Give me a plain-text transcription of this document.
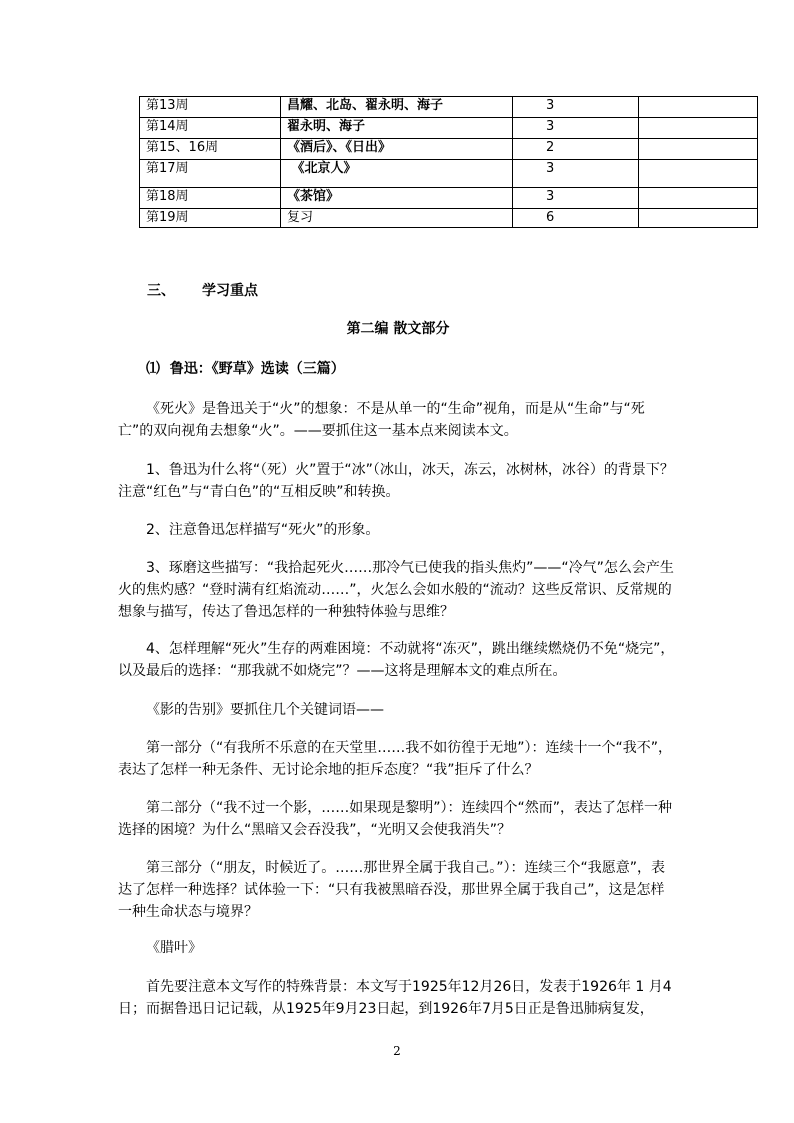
第13周	昌耀、北岛、翟永明、海子	3	
第14周	翟永明、海子	3	
第15、16周	《酒后》、《日出》	2	
第17周	《北京人》	3	
第18周	《茶馆》	3	
第19周	复习	6	
三、 学习重点
第二编 散文部分
⑴  鲁迅：《野草》选读（三篇）
《死火》是鲁迅关于“火”的想象：不是从单一的“生命”视角，而是从“生命”与“死亡”的双向视角去想象“火”。——要抓住这一基本点来阅读本文。
1、鲁迅为什么将“（死）火”置于“冰”（冰山，冰天，冻云，冰树林，冰谷）的背景下？注意“红色”与“青白色”的“互相反映”和转换。
2、注意鲁迅怎样描写“死火”的形象。
3、琢磨这些描写：“我拾起死火……那冷气已使我的指头焦灼”——“冷气”怎么会产生火的焦灼感？“登时满有红焰流动……”，火怎么会如水般的“流动？这些反常识、反常规的想象与描写，传达了鲁迅怎样的一种独特体验与思维？
4、怎样理解“死火”生存的两难困境：不动就将“冻灭”，跳出继续燃烧仍不免“烧完”，以及最后的选择：“那我就不如烧完”？——这将是理解本文的难点所在。
《影的告别》要抓住几个关键词语——
第一部分（“有我所不乐意的在天堂里……我不如彷徨于无地”）：连续十一个“我不”，表达了怎样一种无条件、无讨论余地的拒斥态度？“我”拒斥了什么？
第二部分（“我不过一个影，……如果现是黎明”）：连续四个“然而”，表达了怎样一种选择的困境？为什么“黑暗又会吞没我”，“光明又会使我消失”？
第三部分（“朋友，时候近了。……那世界全属于我自己。”）：连续三个“我愿意”，表达了怎样一种选择？试体验一下：“只有我被黑暗吞没，那世界全属于我自己”，这是怎样一种生命状态与境界？
《腊叶》
首先要注意本文写作的特殊背景：本文写于1925年12月26日，发表于1926年 1 月4日；而据鲁迅日记记载，从1925年9月23日起，到1926年7月5日正是鲁迅肺病复发，
2
